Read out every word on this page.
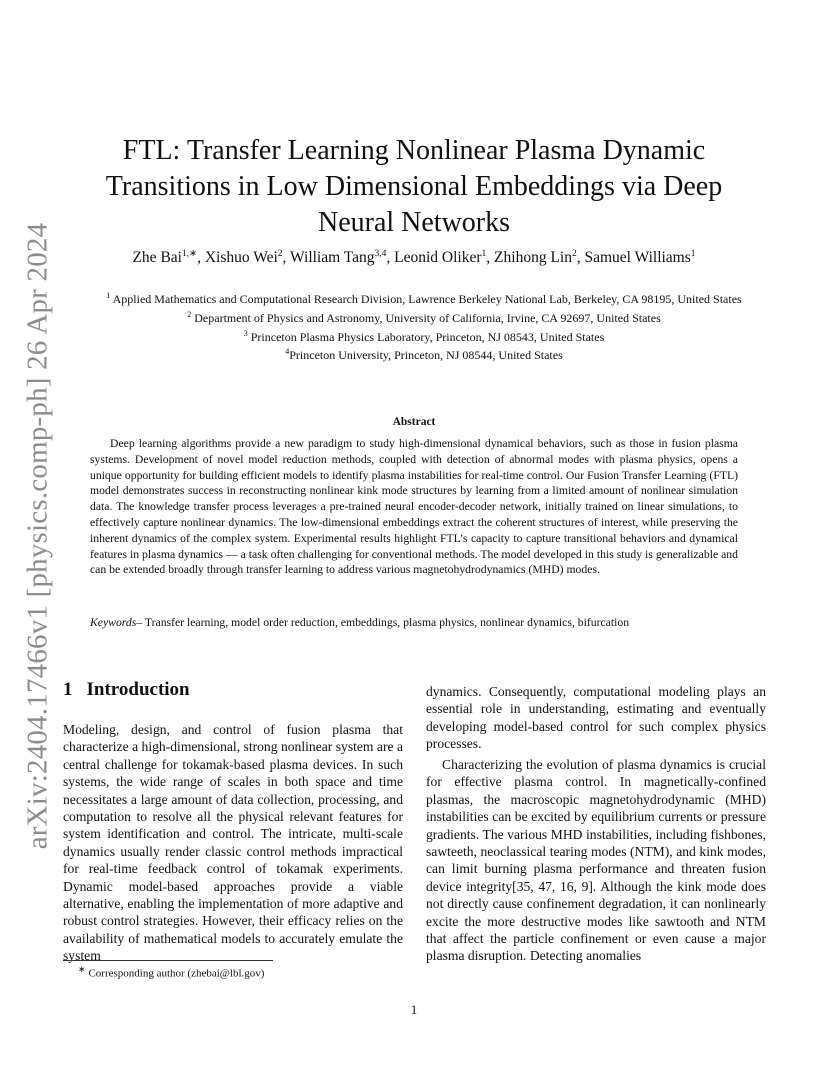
arXiv:2404.17466v1 [physics.comp-ph] 26 Apr 2024
FTL: Transfer Learning Nonlinear Plasma Dynamic
Transitions in Low Dimensional Embeddings via Deep
Neural Networks
Zhe Bai$^{1,∗}$, Xishuo Wei$^2$, William Tang$^{3,4}$, Leonid Oliker$^1$, Zhihong Lin$^2$, Samuel Williams$^1$
$^1$ Applied Mathematics and Computational Research Division, Lawrence Berkeley National Lab, Berkeley, CA 98195, United States
$^2$ Department of Physics and Astronomy, University of California, Irvine, CA 92697, United States
$^3$ Princeton Plasma Physics Laboratory, Princeton, NJ 08543, United States
$^4$Princeton University, Princeton, NJ 08544, United States
Abstract

Deep learning algorithms provide a new paradigm to study high-dimensional dynamical behaviors, such as those in fusion plasma systems. Development of novel model reduction methods, coupled with detection of abnormal modes with plasma physics, opens a unique opportunity for building efficient models to identify plasma instabilities for real-time control. Our Fusion Transfer Learning (FTL) model demonstrates success in reconstructing nonlinear kink mode structures by learning from a limited amount of nonlinear simulation data. The knowledge transfer process leverages a pre-trained neural encoder-decoder network, initially trained on linear simulations, to effectively capture nonlinear dynamics. The low-dimensional embeddings extract the coherent structures of interest, while preserving the inherent dynamics of the complex system. Experimental results highlight FTL’s capacity to capture transitional behaviors and dynamical features in plasma dynamics — a task often challenging for conventional methods. The model developed in this study is generalizable and can be extended broadly through transfer learning to address various magnetohydrodynamics (MHD) modes.

Keywords– Transfer learning, model order reduction, embeddings, plasma physics, nonlinear dynamics, bifurcation
1 Introduction

Modeling, design, and control of fusion plasma that characterize a high-dimensional, strong nonlinear system are a central challenge for tokamak-based plasma devices. In such systems, the wide range of scales in both space and time necessitates a large amount of data collection, processing, and computation to resolve all the physical relevant features for system identification and control. The intricate, multi-scale dynamics usually render classic control methods impractical for real-time feedback control of tokamak experiments. Dynamic model-based approaches provide a viable alternative, enabling the implementation of more adaptive and robust control strategies. However, their efficacy relies on the availability of mathematical models to accurately emulate the system

dynamics. Consequently, computational modeling plays an essential role in understanding, estimating and eventually developing model-based control for such complex physics processes.

Characterizing the evolution of plasma dynamics is crucial for effective plasma control. In magnetically-confined plasmas, the macroscopic magnetohydrodynamic (MHD) instabilities can be excited by equilibrium currents or pressure gradients. The various MHD instabilities, including fishbones, sawteeth, neoclassical tearing modes (NTM), and kink modes, can limit burning plasma performance and threaten fusion device integrity[35, 47, 16, 9]. Although the kink mode does not directly cause confinement degradation, it can nonlinearly excite the more destructive modes like sawtooth and NTM that affect the particle confinement or even cause a major plasma disruption. Detecting anomalies

∗ Corresponding author (zhebai@lbl.gov)
1
